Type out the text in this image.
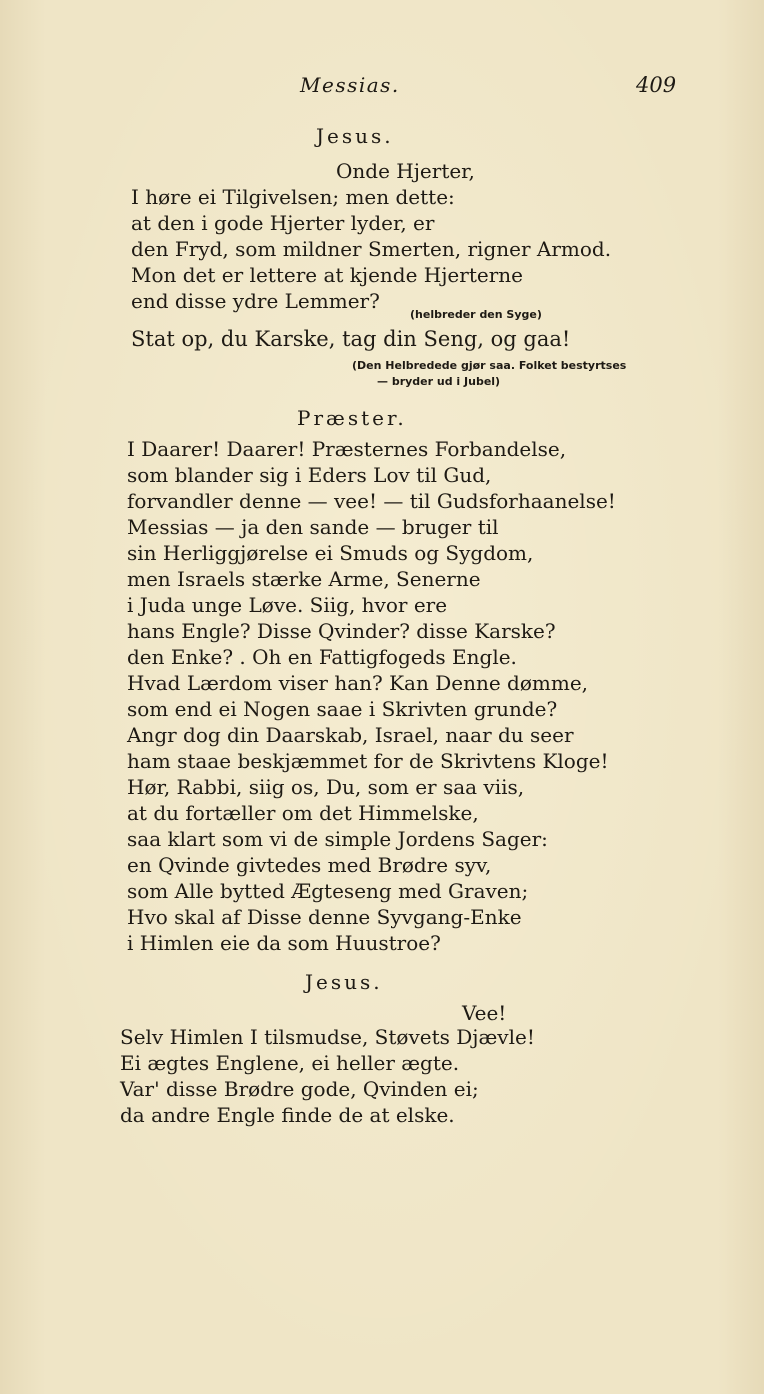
Messias.	409
Jesus.
Onde Hjerter,
I høre ei Tilgivelsen; men dette:
at den i gode Hjerter lyder, er
den Fryd, som mildner Smerten, rigner Armod.
Mon det er lettere at kjende Hjerterne
end disse ydre Lemmer?
(helbreder den Syge)
Stat op, du Karske, tag din Seng, og gaa!
(Den Helbredede gjør saa. Folket bestyrtses
— bryder ud i Jubel)
Præster.
I Daarer! Daarer! Præsternes Forbandelse,
som blander sig i Eders Lov til Gud,
forvandler denne — vee! — til Gudsforhaanelse!
Messias — ja den sande — bruger til
sin Herliggjørelse ei Smuds og Sygdom,
men Israels stærke Arme, Senerne
i Juda unge Løve. Siig, hvor ere
hans Engle? Disse Qvinder? disse Karske?
den Enke? . Oh en Fattigfogeds Engle.
Hvad Lærdom viser han? Kan Denne dømme,
som end ei Nogen saae i Skrivten grunde?
Angr dog din Daarskab, Israel, naar du seer
ham staae beskjæmmet for de Skrivtens Kloge!
Hør, Rabbi, siig os, Du, som er saa viis,
at du fortæller om det Himmelske,
saa klart som vi de simple Jordens Sager:
en Qvinde givtedes med Brødre syv,
som Alle bytted Ægteseng med Graven;
Hvo skal af Disse denne Syvgang-Enke
i Himlen eie da som Huustroe?
Jesus.
Vee!
Selv Himlen I tilsmudse, Støvets Djævle!
Ei ægtes Englene, ei heller ægte.
Var' disse Brødre gode, Qvinden ei;
da andre Engle finde de at elske.
